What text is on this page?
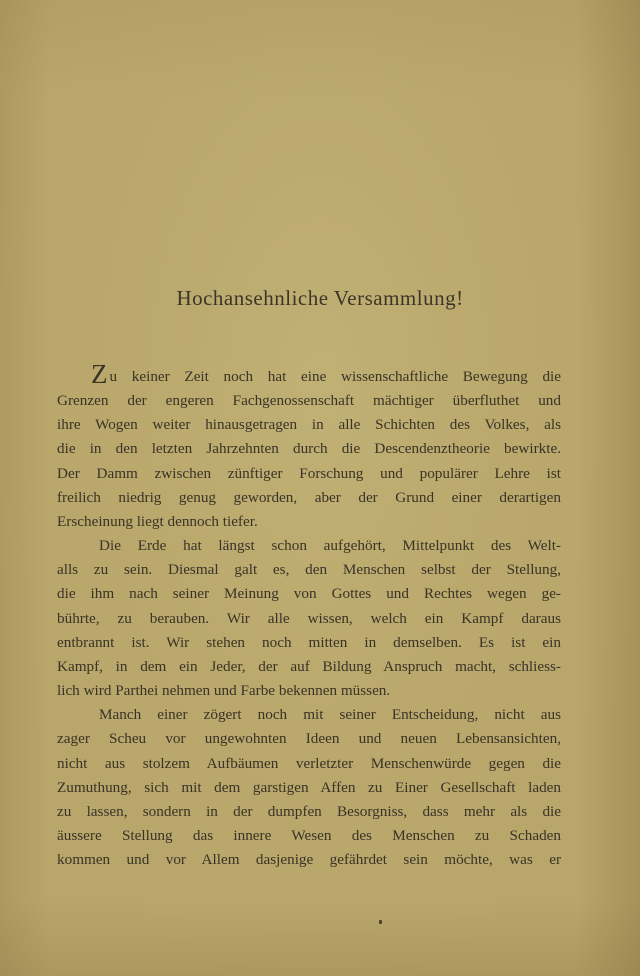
Hochansehnliche Versammlung!
Zu keiner Zeit noch hat eine wissenschaftliche Bewegung die
Grenzen der engeren Fachgenossenschaft mächtiger überfluthet und
ihre Wogen weiter hinausgetragen in alle Schichten des Volkes, als
die in den letzten Jahrzehnten durch die Descendenztheorie bewirkte.
Der Damm zwischen zünftiger Forschung und populärer Lehre ist
freilich niedrig genug geworden, aber der Grund einer derartigen
Erscheinung liegt dennoch tiefer.
Die Erde hat längst schon aufgehört, Mittelpunkt des Welt-
alls zu sein. Diesmal galt es, den Menschen selbst der Stellung,
die ihm nach seiner Meinung von Gottes und Rechtes wegen ge-
bührte, zu berauben. Wir alle wissen, welch ein Kampf daraus
entbrannt ist. Wir stehen noch mitten in demselben. Es ist ein
Kampf, in dem ein Jeder, der auf Bildung Anspruch macht, schliess-
lich wird Parthei nehmen und Farbe bekennen müssen.
Manch einer zögert noch mit seiner Entscheidung, nicht aus
zager Scheu vor ungewohnten Ideen und neuen Lebensansichten,
nicht aus stolzem Aufbäumen verletzter Menschenwürde gegen die
Zumuthung, sich mit dem garstigen Affen zu Einer Gesellschaft laden
zu lassen, sondern in der dumpfen Besorgniss, dass mehr als die
äussere Stellung das innere Wesen des Menschen zu Schaden
kommen und vor Allem dasjenige gefährdet sein möchte, was er
